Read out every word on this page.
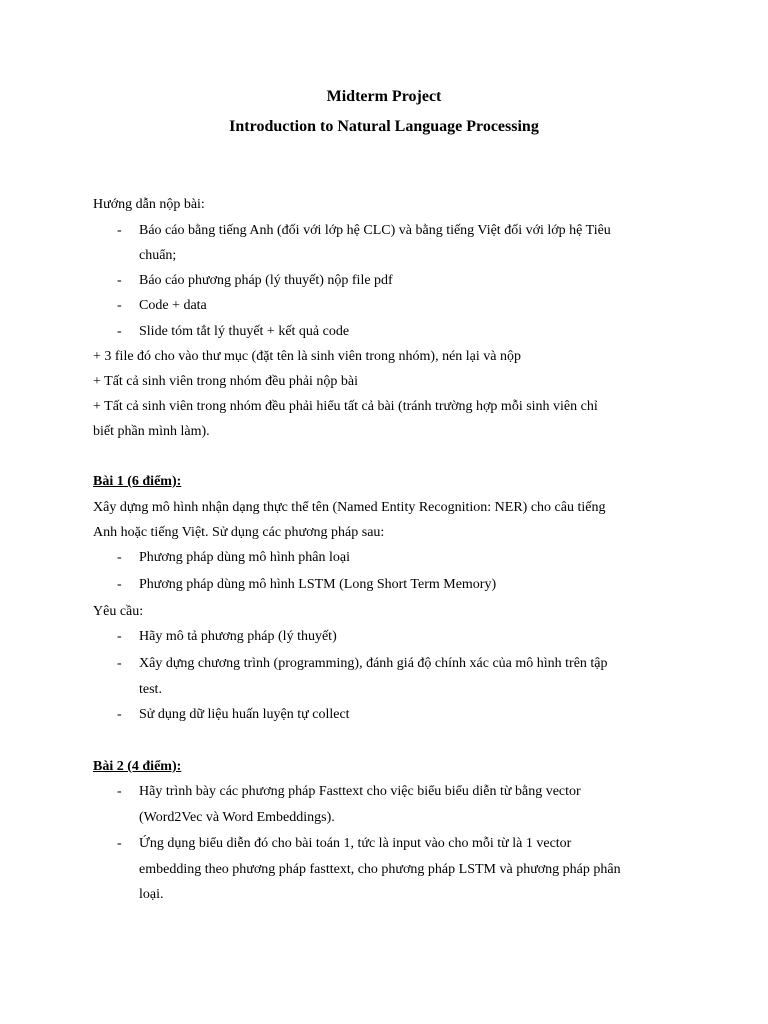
Midterm Project
Introduction to Natural Language Processing
Hướng dẫn nộp bài:
- Báo cáo bằng tiếng Anh (đối với lớp hệ CLC) và bằng tiếng Việt đối với lớp hệ Tiêu
chuẩn;
- Báo cáo phương pháp (lý thuyết) nộp file pdf
- Code + data
- Slide tóm tắt lý thuyết + kết quả code
+ 3 file đó cho vào thư mục (đặt tên là sinh viên trong nhóm), nén lại và nộp
+ Tất cả sinh viên trong nhóm đều phải nộp bài
+ Tất cả sinh viên trong nhóm đều phải hiểu tất cả bài (tránh trường hợp mỗi sinh viên chỉ
biết phần mình làm).
Bài 1 (6 điểm):
Xây dựng mô hình nhận dạng thực thể tên (Named Entity Recognition: NER) cho câu tiếng
Anh hoặc tiếng Việt. Sử dụng các phương pháp sau:
- Phương pháp dùng mô hình phân loại
- Phương pháp dùng mô hình LSTM (Long Short Term Memory)
Yêu cầu:
- Hãy mô tả phương pháp (lý thuyết)
- Xây dựng chương trình (programming), đánh giá độ chính xác của mô hình trên tập
test.
- Sử dụng dữ liệu huấn luyện tự collect
Bài 2 (4 điểm):
- Hãy trình bày các phương pháp Fasttext cho việc biểu biểu diễn từ bằng vector
(Word2Vec và Word Embeddings).
- Ứng dụng biểu diễn đó cho bài toán 1, tức là input vào cho mỗi từ là 1 vector
embedding theo phương pháp fasttext, cho phương pháp LSTM và phương pháp phân
loại.
